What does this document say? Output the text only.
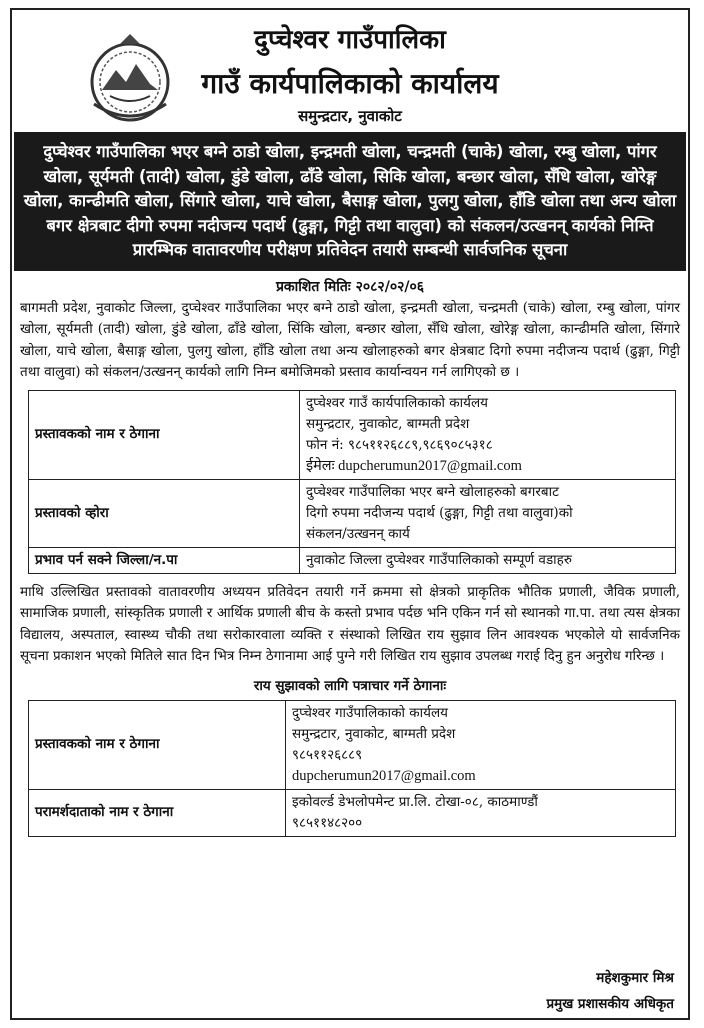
दुप्चेश्वर गाउँपालिका
गाउँ कार्यपालिकाको कार्यालय
समुन्द्रटार, नुवाकोट
दुप्चेश्वर गाउँपालिका भएर बग्ने ठाडो खोला, इन्द्रमती खोला, चन्द्रमती (चाके) खोला, रम्बु खोला, पांगर खोला, सूर्यमती (तादी) खोला, डुंडे खोला, ढाँडे खोला, सिकि खोला, बन्छार खोला, सँधि खोला, खोरेङ्ग खोला, कान्ढीमति खोला, सिंगारे खोला, याचे खोला, बैसाङ्ग खोला, पुलगु खोला, हाँडि खोला तथा अन्य खोला बगर क्षेत्रबाट दीगो रुपमा नदीजन्य पदार्थ (ढुङ्गा, गिट्टी तथा वालुवा) को संकलन/उत्खनन् कार्यको निम्ति प्रारम्भिक वातावरणीय परीक्षण प्रतिवेदन तयारी सम्बन्धी सार्वजनिक सूचना
प्रकाशित मितिः २०८२/०२/०६
बागमती प्रदेश, नुवाकोट जिल्ला, दुप्चेश्वर गाउँपालिका भएर बग्ने ठाडो खोला, इन्द्रमती खोला, चन्द्रमती (चाके) खोला, रम्बु खोला, पांगर खोला, सूर्यमती (तादी) खोला, डुंडे खोला, ढाँडे खोला, सिंकि खोला, बन्छार खोला, सँधि खोला, खोरेङ्ग खोला, कान्ढीमति खोला, सिंगारे खोला, याचे खोला, बैसाङ्ग खोला, पुलगु खोला, हाँडि खोला तथा अन्य खोलाहरुको बगर क्षेत्रबाट दिगो रुपमा नदीजन्य पदार्थ (ढुङ्गा, गिट्टी तथा वालुवा) को संकलन/उत्खनन् कार्यको लागि निम्न बमोजिमको प्रस्ताव कार्यान्वयन गर्न लागिएको छ ।
प्रस्तावकको नाम र ठेगाना	दुप्चेश्वर गाउँ कार्यपालिकाको कार्यलय
समुन्द्रटार, नुवाकोट, बाग्मती प्रदेश
फोन नं: ९८५११२६८८९,९८६९०८५३१८
ईमेलः dupcherumun2017@gmail.com

प्रस्तावको व्होरा	दुप्चेश्वर गाउँपालिका भएर बग्ने खोलाहरुको बगरबाट
दिगो रुपमा नदीजन्य पदार्थ (ढुङ्गा, गिट्टी तथा वालुवा)को
संकलन/उत्खनन् कार्य

प्रभाव पर्न सक्ने जिल्ला/न.पा	नुवाकोट जिल्ला दुप्चेश्वर गाउँपालिकाको सम्पूर्ण वडाहरु
माथि उल्लिखित प्रस्तावको वातावरणीय अध्ययन प्रतिवेदन तयारी गर्ने क्रममा सो क्षेत्रको प्राकृतिक भौतिक प्रणाली, जैविक प्रणाली, सामाजिक प्रणाली, सांस्कृतिक प्रणाली र आर्थिक प्रणाली बीच के कस्तो प्रभाव पर्दछ भनि एकिन गर्न सो स्थानको गा.पा. तथा त्यस क्षेत्रका विद्यालय, अस्पताल, स्वास्थ्य चौकी तथा सरोकारवाला व्यक्ति र संस्थाको लिखित राय सुझाव लिन आवश्यक भएकोले यो सार्वजनिक सूचना प्रकाशन भएको मितिले सात दिन भित्र निम्न ठेगानामा आई पुग्ने गरी लिखित राय सुझाव उपलब्ध गराई दिनु हुन अनुरोध गरिन्छ ।
राय सुझावको लागि पत्राचार गर्ने ठेगानाः
प्रस्तावकको नाम र ठेगाना	दुप्चेश्वर गाउँपालिकाको कार्यलय
समुन्द्रटार, नुवाकोट, बाग्मती प्रदेश
९८५११२६८८९
dupcherumun2017@gmail.com

परामर्शदाताको नाम र ठेगाना	इकोवर्ल्ड डेभलोपमेन्ट प्रा.लि. टोखा-०८, काठमाण्डौं
९८५११४८२००
महेशकुमार मिश्र
प्रमुख प्रशासकीय अधिकृत
